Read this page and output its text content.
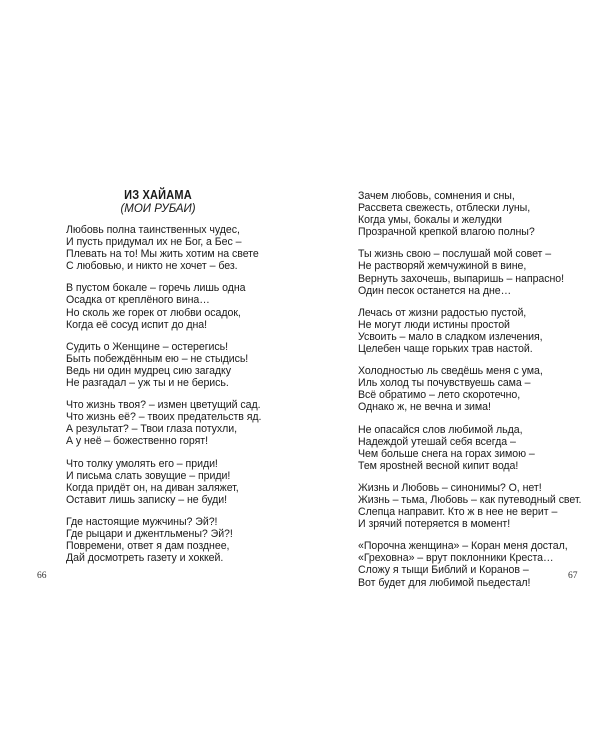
ИЗ ХАЙАМА
(МОИ РУБАИ)
Любовь полна таинственных чудес,
И пусть придумал их не Бог, а Бес –
Плевать на то! Мы жить хотим на свете
С любовью, и никто не хочет – без.
В пустом бокале – горечь лишь одна
Осадка от креплёного вина…
Но сколь же горек от любви осадок,
Когда её сосуд испит до дна!
Судить о Женщине – остерегись!
Быть побеждённым ею – не стыдись!
Ведь ни один мудрец сию загадку
Не разгадал – уж ты и не берись.
Что жизнь твоя? – измен цветущий сад.
Что жизнь её? – твоих предательств яд.
А результат? – Твои глаза потухли,
А у неё – божественно горят!
Что толку умолять его – приди!
И письма слать зовущие – приди!
Когда придёт он, на диван заляжет,
Оставит лишь записку – не буди!
Где настоящие мужчины? Эй?!
Где рыцари и джентльмены? Эй?!
Повремени, ответ я дам позднее,
Дай досмотреть газету и хоккей.
66
Зачем любовь, сомнения и сны,
Рассвета свежесть, отблески луны,
Когда умы, бокалы и желудки
Прозрачной крепкой влагою полны?
Ты жизнь свою – послушай мой совет –
Не растворяй жемчужиной в вине,
Вернуть захочешь, выпаришь – напрасно!
Один песок останется на дне…
Лечась от жизни радостью пустой,
Не могут люди истины простой
Усвоить – мало в сладком излечения,
Целебен чаще горьких трав настой.
Холодностью ль сведёшь меня с ума,
Иль холод ты почувствуешь сама –
Всё обратимо – лето скоротечно,
Однако ж, не вечна и зима!
Не опасайся слов любимой льда,
Надеждой утешай себя всегда –
Чем больше снега на горах зимою –
Тем ярostней весной кипит вода!
Жизнь и Любовь – синонимы? О, нет!
Жизнь – тьма, Любовь – как путеводный свет.
Слепца направит. Кто ж в нее не верит –
И зрячий потеряется в момент!
«Порочна женщина» – Коран меня достал,
«Греховна» – врут поклонники Креста…
Сложу я тыщи Библий и Коранов –
Вот будет для любимой пьедестал!
67
